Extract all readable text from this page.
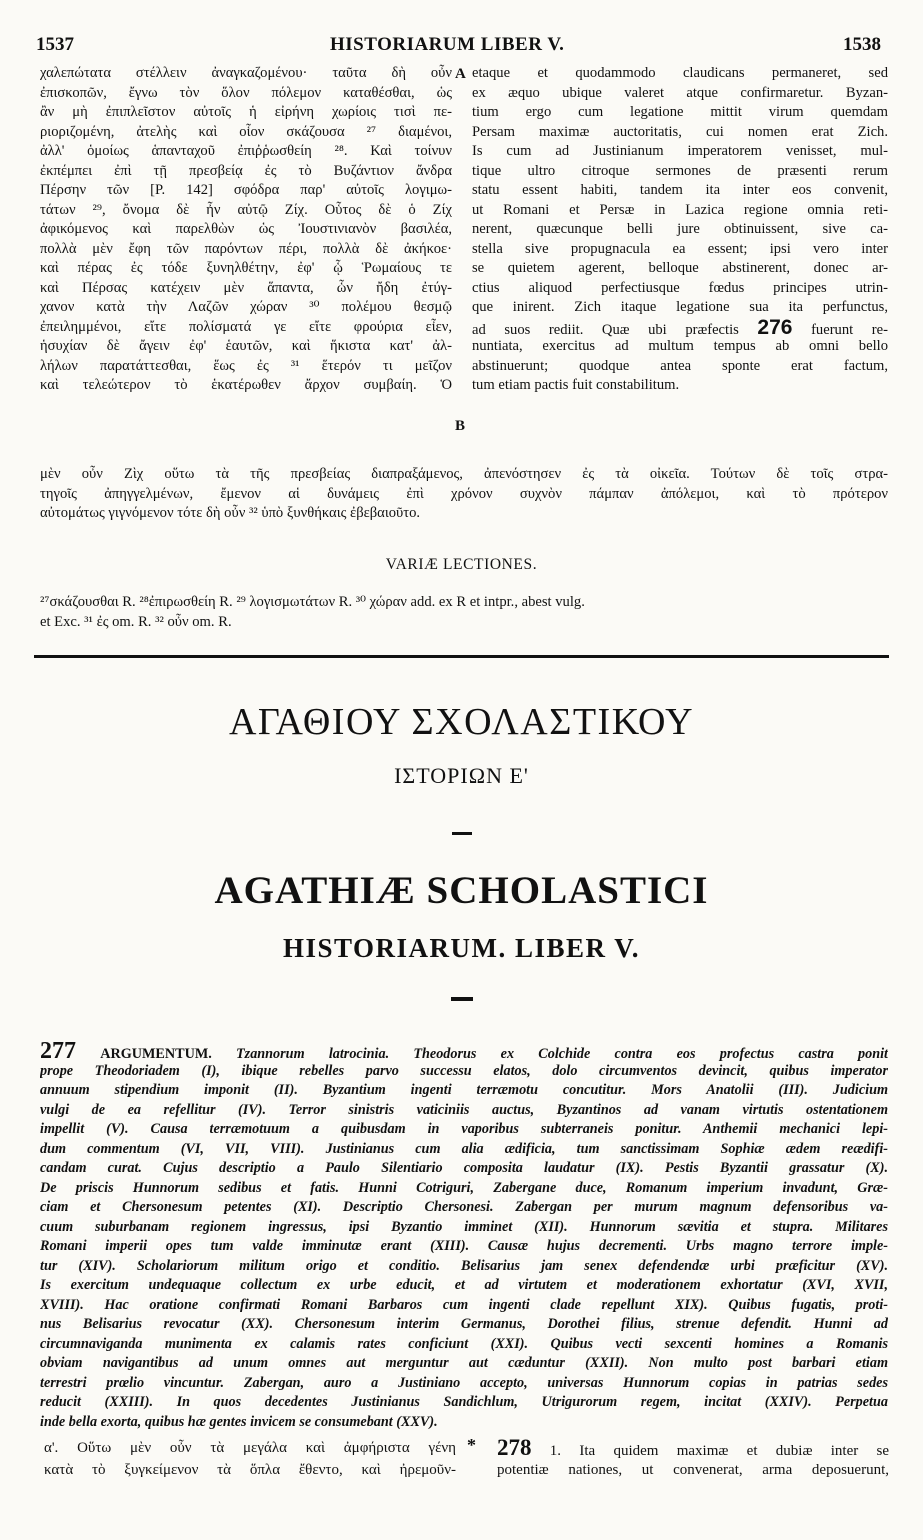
1537	HISTORIARUM LIBER V.	1538
A
B
χαλεπώτατα στέλλειν ἀναγκαζομένου· ταῦτα δὴ οὖν
ἐπισκοπῶν, ἔγνω τὸν ὅλον πόλεμον καταθέσθαι, ὡς
ἂν μὴ ἐπιπλεῖστον αὐτοῖς ἡ εἰρήνη χωρίοις τισὶ πε-
ριοριζομένη, ἀτελὴς καὶ οἷον σκάζουσα ²⁷ διαμένοι,
ἀλλ' ὁμοίως ἁπανταχοῦ ἐπιῤῥωσθείη ²⁸. Καὶ τοίνυν
ἐκπέμπει ἐπὶ τῇ πρεσβείᾳ ἐς τὸ Βυζάντιον ἄνδρα
Πέρσην τῶν [P. 142] σφόδρα παρ' αὐτοῖς λογιμω-
τάτων ²⁹, ὄνομα δὲ ἦν αὐτῷ Ζίχ. Οὗτος δὲ ὁ Ζίχ
ἀφικόμενος καὶ παρελθὼν ὡς Ἰουστινιανὸν βασιλέα,
πολλὰ μὲν ἔφη τῶν παρόντων πέρι, πολλὰ δὲ ἀκήκοε·
καὶ πέρας ἐς τόδε ξυνηλθέτην, ἐφ' ᾧ Ῥωμαίους τε
καὶ Πέρσας κατέχειν μὲν ἅπαντα, ὧν ἤδη ἐτύγ-
χανον κατὰ τὴν Λαζῶν χώραν ³⁰ πολέμου θεσμῷ
ἐπειλημμένοι, εἴτε πολίσματά γε εἴτε φρούρια εἶεν,
ἡσυχίαν δὲ ἄγειν ἐφ' ἑαυτῶν, καὶ ἥκιστα κατ' ἀλ-
λήλων παρατάττεσθαι, ἕως ἐς ³¹ ἕτερόν τι μεῖζον
καὶ τελεώτερον τὸ ἑκατέρωθεν ἄρχον συμβαίη. Ὁ
etaque et quodammodo claudicans permaneret, sed
ex æquo ubique valeret atque confirmaretur. Byzan-
tium ergo cum legatione mittit virum quemdam
Persam maximæ auctoritatis, cui nomen erat Zich.
Is cum ad Justinianum imperatorem venisset, mul-
tique ultro citroque sermones de præsenti rerum
statu essent habiti, tandem ita inter eos convenit,
ut Romani et Persæ in Lazica regione omnia reti-
nerent, quæcunque belli jure obtinuissent, sive ca-
stella sive propugnacula ea essent; ipsi vero inter
se quietem agerent, belloque abstinerent, donec ar-
ctius aliquod perfectiusque fœdus principes utrin-
que inirent. Zich itaque legatione sua ita perfunctus,
ad suos rediit. Quæ ubi præfectis 276 fuerunt re-
nuntiata, exercitus ad multum tempus ab omni bello
abstinuerunt; quodque antea sponte erat factum,
tum etiam pactis fuit constabilitum.
μὲν οὖν Ζὶχ οὕτω τὰ τῆς πρεσβείας διαπραξάμενος, ἀπενόστησεν ἐς τὰ οἰκεῖα. Τούτων δὲ τοῖς στρα-
τηγοῖς ἀπηγγελμένων, ἔμενον αἱ δυνάμεις ἐπὶ χρόνον συχνὸν πάμπαν ἀπόλεμοι, καὶ τὸ πρότερον
αὐτομάτως γιγνόμενον τότε δὴ οὖν ³² ὑπὸ ξυνθήκαις ἐβεβαιοῦτο.
VARIÆ LECTIONES.
²⁷σκάζουσθαι R. ²⁸ἐπιρωσθείη R. ²⁹ λογισμωτάτων R. ³⁰ χώραν add. ex R et intpr., abest vulg.
et Exc. ³¹ ἐς om. R. ³² οὖν om. R.
ΑΓΑΘΙΟΥ ΣΧΟΛΑΣΤΙΚΟΥ
ΙΣΤΟΡΙΩΝ Ε'
AGATHIÆ SCHOLASTICI
HISTORIARUM. LIBER V.
277 ARGUMENTUM. Tzannorum latrocinia. Theodorus ex Colchide contra eos profectus castra ponit
prope Theodoriadem (I), ibique rebelles parvo successu elatos, dolo circumventos devincit, quibus imperator
annuum stipendium imponit (II). Byzantium ingenti terræmotu concutitur. Mors Anatolii (III). Judicium
vulgi de ea refellitur (IV). Terror sinistris vaticiniis auctus, Byzantinos ad vanam virtutis ostentationem
impellit (V). Causa terræmotuum a quibusdam in vaporibus subterraneis ponitur. Anthemii mechanici lepi-
dum commentum (VI, VII, VIII). Justinianus cum alia ædificia, tum sanctissimam Sophiæ ædem reædifi-
candam curat. Cujus descriptio a Paulo Silentiario composita laudatur (IX). Pestis Byzantii grassatur (X).
De priscis Hunnorum sedibus et fatis. Hunni Cotriguri, Zabergane duce, Romanum imperium invadunt, Græ-
ciam et Chersonesum petentes (XI). Descriptio Chersonesi. Zabergan per murum magnum defensoribus va-
cuum suburbanam regionem ingressus, ipsi Byzantio imminet (XII). Hunnorum sævitia et stupra. Militares
Romani imperii opes tum valde imminutæ erant (XIII). Causæ hujus decrementi. Urbs magno terrore imple-
tur (XIV). Scholariorum militum origo et conditio. Belisarius jam senex defendendæ urbi præficitur (XV).
Is exercitum undequaque collectum ex urbe educit, et ad virtutem et moderationem exhortatur (XVI, XVII,
XVIII). Hac oratione confirmati Romani Barbaros cum ingenti clade repellunt XIX). Quibus fugatis, proti-
nus Belisarius revocatur (XX). Chersonesum interim Germanus, Dorothei filius, strenue defendit. Hunni ad
circumnaviganda munimenta ex calamis rates conficiunt (XXI). Quibus vecti sexcenti homines a Romanis
obviam navigantibus ad unum omnes aut merguntur aut cæduntur (XXII). Non multo post barbari etiam
terrestri prœlio vincuntur. Zabergan, auro a Justiniano accepto, universas Hunnorum copias in patrias sedes
reducit (XXIII). In quos decedentes Justinianus Sandichlum, Utrigurorum regem, incitat (XXIV). Perpetua
inde bella exorta, quibus hæ gentes invicem se consumebant (XXV).
α'. Οὕτω μὲν οὖν τὰ μεγάλα καὶ ἀμφήριστα γένη
κατὰ τὸ ξυγκείμενον τὰ ὅπλα ἔθεντο, καὶ ἠρεμοῦν-
* 278 1. Ita quidem maximæ et dubiæ inter se
potentiæ nationes, ut convenerat, arma deposuerunt,
